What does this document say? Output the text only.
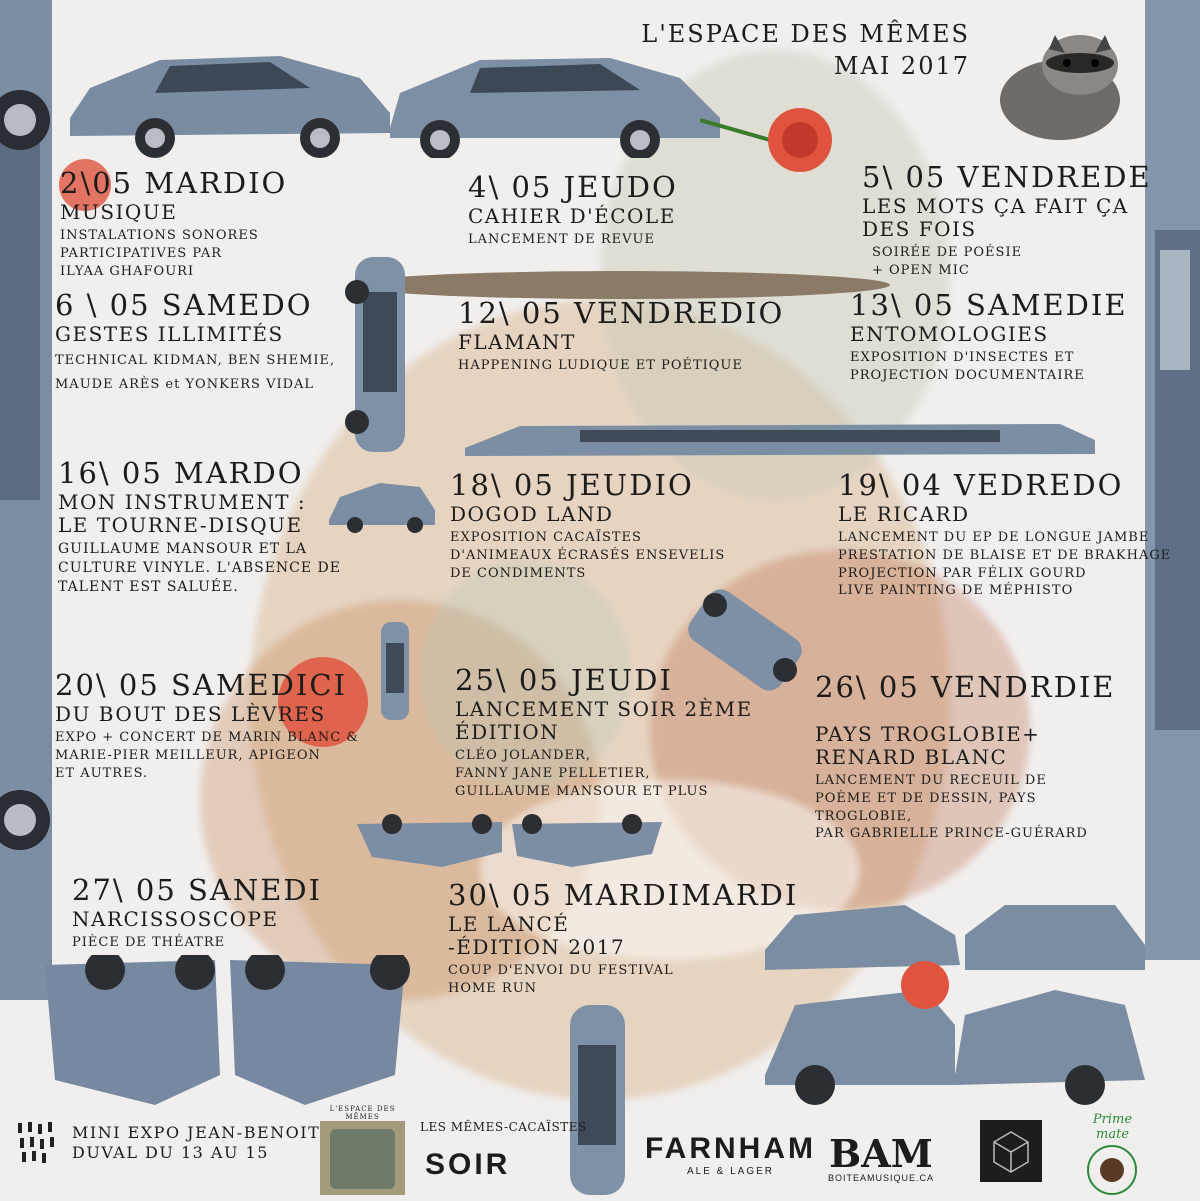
L'ESPACE DES MÊMES
MAI 2017
2\05 MARDIO
MUSIQUE
INSTALATIONS SONORES
PARTICIPATIVES PAR
ILYAA GHAFOURI
4\ 05 JEUDO
CAHIER D'ÉCOLE
LANCEMENT DE REVUE
5\ 05 VENDREDE
LES MOTS ÇA FAIT ÇA
DES FOIS
SOIRÉE DE POÉSIE
+ OPEN MIC
6 \ 05 SAMEDO
GESTES ILLIMITÉS
TECHNICAL KIDMAN, BEN SHEMIE,
MAUDE ARÈS et YONKERS VIDAL
12\ 05 VENDREDIO
FLAMANT
HAPPENING LUDIQUE ET POÉTIQUE
13\ 05 SAMEDIE
ENTOMOLOGIES
EXPOSITION D'INSECTES ET
PROJECTION DOCUMENTAIRE
16\ 05 MARDO
MON INSTRUMENT :
LE TOURNE-DISQUE
GUILLAUME MANSOUR ET LA
CULTURE VINYLE. L'ABSENCE DE
TALENT EST SALUÉE.
18\ 05 JEUDIO
DOGOD LAND
EXPOSITION CACAÏSTES
D'ANIMEAUX ÉCRASÉS ENSEVELIS
DE CONDIMENTS
19\ 04 VEDREDO
LE RICARD
LANCEMENT DU EP DE LONGUE JAMBE
PRESTATION DE BLAISE ET DE BRAKHAGE
PROJECTION PAR FÉLIX GOURD
LIVE PAINTING DE MÉPHISTO
20\ 05 SAMEDICI
DU BOUT DES LÈVRES
EXPO + CONCERT DE MARIN BLANC &
MARIE-PIER MEILLEUR, APIGEON
ET AUTRES.
25\ 05 JEUDI
LANCEMENT SOIR 2ÈME
ÉDITION
CLÉO JOLANDER,
FANNY JANE PELLETIER,
GUILLAUME MANSOUR ET PLUS
26\ 05 VENDRDIE
PAYS TROGLOBIE+
RENARD BLANC
LANCEMENT DU RECEUIL DE
POÈME ET DE DESSIN, PAYS
TROGLOBIE,
PAR GABRIELLE PRINCE-GUÉRARD
27\ 05 SANEDI
NARCISSOSCOPE
PIÈCE DE THÉATRE
30\ 05 MARDIMARDI
LE LANCÉ
-ÉDITION 2017
COUP D'ENVOI DU FESTIVAL
HOME RUN
MINI EXPO JEAN-BENOIT
DUVAL DU 13 AU 15
L'ESPACE DES MÊMES
LES MÊMES-CACAÏSTES
SOIR	FARNHAM
ALE & LAGER	BAM
BOITEAMUSIQUE.CA
Prime mate
